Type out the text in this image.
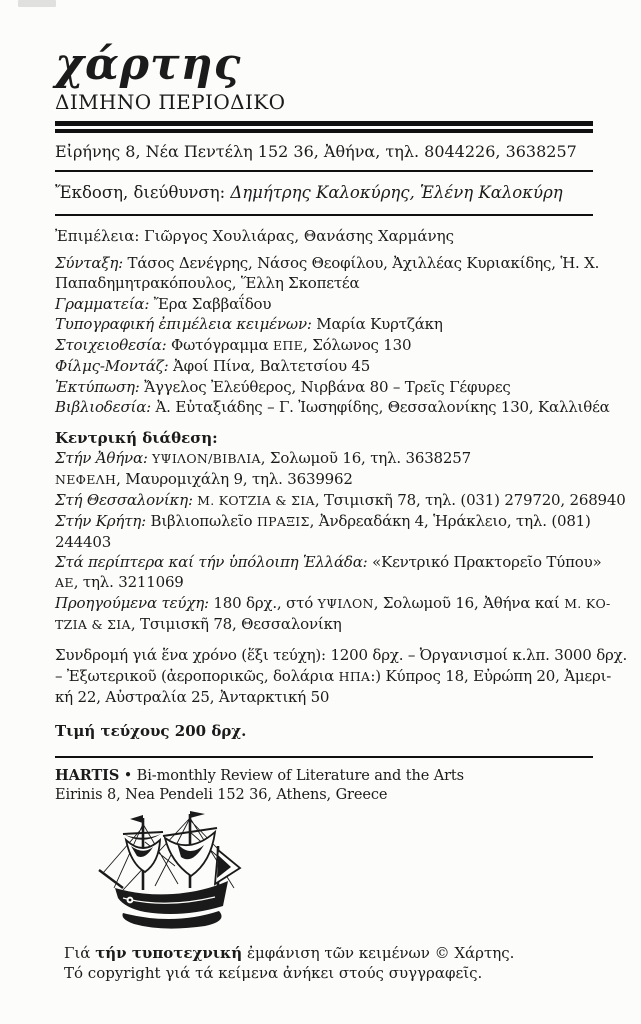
χάρτης
ΔΙΜΗΝΟ ΠΕΡΙΟΔΙΚΟ
Εἰρήνης 8, Νέα Πεντέλη 152 36, Ἀθήνα, τηλ. 8044226, 3638257
Ἔκδοση, διεύθυνση: Δημήτρης Καλοκύρης, Ἑλένη Καλοκύρη
Ἐπιμέλεια: Γιῶργος Χουλιάρας, Θανάσης Χαρμάνης
Σύνταξη: Τάσος Δενέγρης, Νάσος Θεοφίλου, Ἀχιλλέας Κυριακίδης, Ἡ. Χ.
Παπαδημητρακόπουλος, Ἕλλη Σκοπετέα
Γραμματεία: Ἔρα Σαββαΐδου
Τυπογραφική ἐπιμέλεια κειμένων: Μαρία Κυρτζάκη
Στοιχειοθεσία: Φωτόγραμμα ΕΠΕ, Σόλωνος 130
Φίλμς-Μοντάζ: Ἀφοί Πίνα, Βαλτετσίου 45
Ἐκτύπωση: Ἄγγελος Ἐλεύθερος, Νιρβάνα 80 – Τρεῖς Γέφυρες
Βιβλιοδεσία: Ἀ. Εὐταξιάδης – Γ. Ἰωσηφίδης, Θεσσαλονίκης 130, Καλλιθέα
Κεντρική διάθεση:
Στήν Ἀθήνα: ΥΨΙΛΟΝ/ΒΙΒΛΙΑ, Σολωμοῦ 16, τηλ. 3638257
ΝΕΦΕΛΗ, Μαυρομιχάλη 9, τηλ. 3639962
Στή Θεσσαλονίκη: Μ. ΚΟΤΖΙΑ & ΣΙΑ, Τσιμισκῆ 78, τηλ. (031) 279720, 268940
Στήν Κρήτη: Βιβλιοπωλεῖο ΠΡΑΞΙΣ, Ἀνδρεαδάκη 4, Ἡράκλειο, τηλ. (081)
244403
Στά περίπτερα καί τήν ὑπόλοιπη Ἑλλάδα: «Κεντρικό Πρακτορεῖο Τύπου»
ΑΕ, τηλ. 3211069
Προηγούμενα τεύχη: 180 δρχ., στό ΥΨΙΛΟΝ, Σολωμοῦ 16, Ἀθήνα καί Μ. ΚΟ-
ΤΖΙΑ & ΣΙΑ, Τσιμισκῆ 78, Θεσσαλονίκη
Συνδρομή γιά ἕνα χρόνο (ἕξι τεύχη): 1200 δρχ. – Ὀργανισμοί κ.λπ. 3000 δρχ.
– Ἐξωτερικοῦ (ἀεροπορικῶς, δολάρια ΗΠΑ:) Κύπρος 18, Εὐρώπη 20, Ἀμερι-
κή 22, Αὐστραλία 25, Ἀνταρκτική 50
Τιμή τεύχους 200 δρχ.
HARTIS • Bi-monthly Review of Literature and the Arts
Eirinis 8, Nea Pendeli 152 36, Athens, Greece
Γιά τήν τυποτεχνική ἐμφάνιση τῶν κειμένων © Χάρτης.
Τό copyright γιά τά κείμενα ἀνήκει στούς συγγραφεῖς.
